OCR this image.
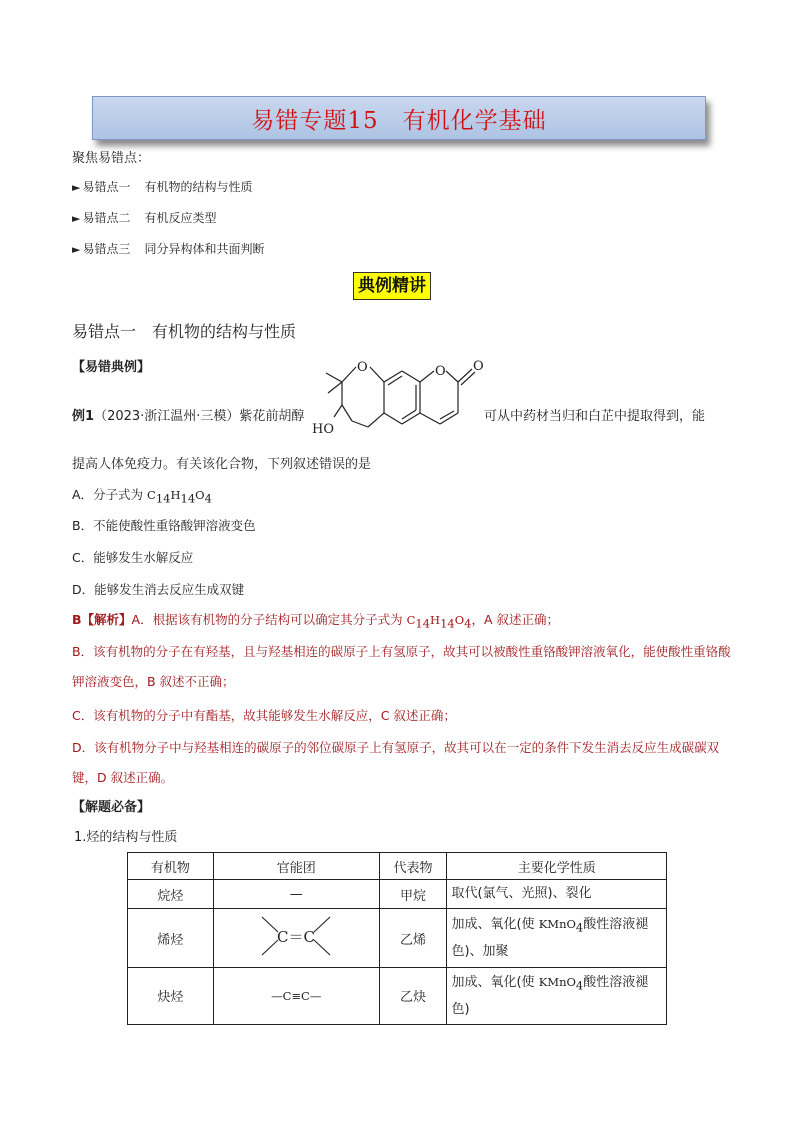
易错专题15　有机化学基础
聚焦易错点：
► 易错点一 有机物的结构与性质
► 易错点二 有机反应类型
► 易错点三 同分异构体和共面判断
典例精讲
易错点一 有机物的结构与性质
【易错典例】
例1（2023·浙江温州·三模）紫花前胡醇
O	O O
HO
可从中药材当归和白芷中提取得到，能
提高人体免疫力。有关该化合物，下列叙述错误的是
A．分子式为 $C_{14}H_{14}O_4$
B．不能使酸性重铬酸钾溶液变色
C．能够发生水解反应
D．能够发生消去反应生成双键
B【解析】A．根据该有机物的分子结构可以确定其分子式为 $C_{14}H_{14}O_4$，A 叙述正确；
B．该有机物的分子在有羟基，且与羟基相连的碳原子上有氢原子，故其可以被酸性重铬酸钾溶液氧化，能使酸性重铬酸钾溶液变色，B 叙述不正确；
C．该有机物的分子中有酯基，故其能够发生水解反应，C 叙述正确；
D．该有机物分子中与羟基相连的碳原子的邻位碳原子上有氢原子，故其可以在一定的条件下发生消去反应生成碳碳双键，D 叙述正确。
【解题必备】
1.烃的结构与性质
有机物	官能团	代表物	主要化学性质
烷烃	—	甲烷	取代(氯气、光照)、裂化
烯烃	C＝C	乙烯	加成、氧化(使 KMnO$_4$酸性溶液褪
色)、加聚
炔烃	—C≡C—	乙炔	加成、氧化(使 KMnO$_4$酸性溶液褪
色)
